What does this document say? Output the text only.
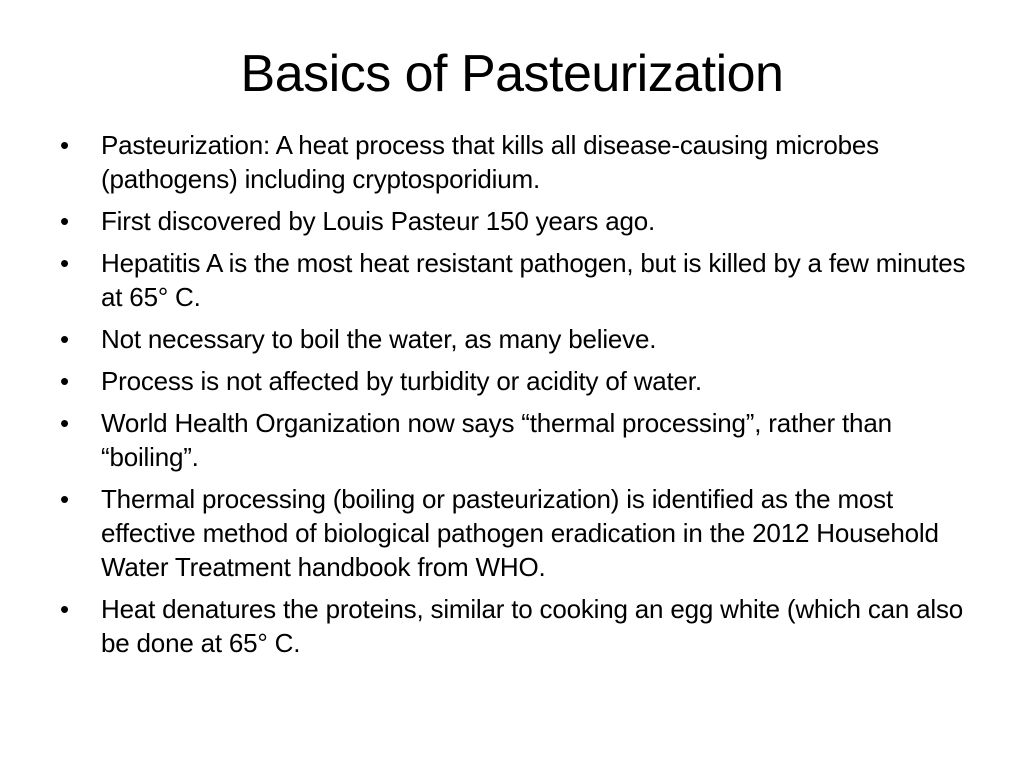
Basics of Pasteurization
• Pasteurization: A heat process that kills all disease-causing microbes (pathogens) including cryptosporidium.
• First discovered by Louis Pasteur 150 years ago.
• Hepatitis A is the most heat resistant pathogen, but is killed by a few minutes at 65° C.
• Not necessary to boil the water, as many believe.
• Process is not affected by turbidity or acidity of water.
• World Health Organization now says “thermal processing”, rather than “boiling”.
• Thermal processing (boiling or pasteurization) is identified as the most effective method of biological pathogen eradication in the 2012 Household Water Treatment handbook from WHO.
• Heat denatures the proteins, similar to cooking an egg white (which can also be done at 65° C.
